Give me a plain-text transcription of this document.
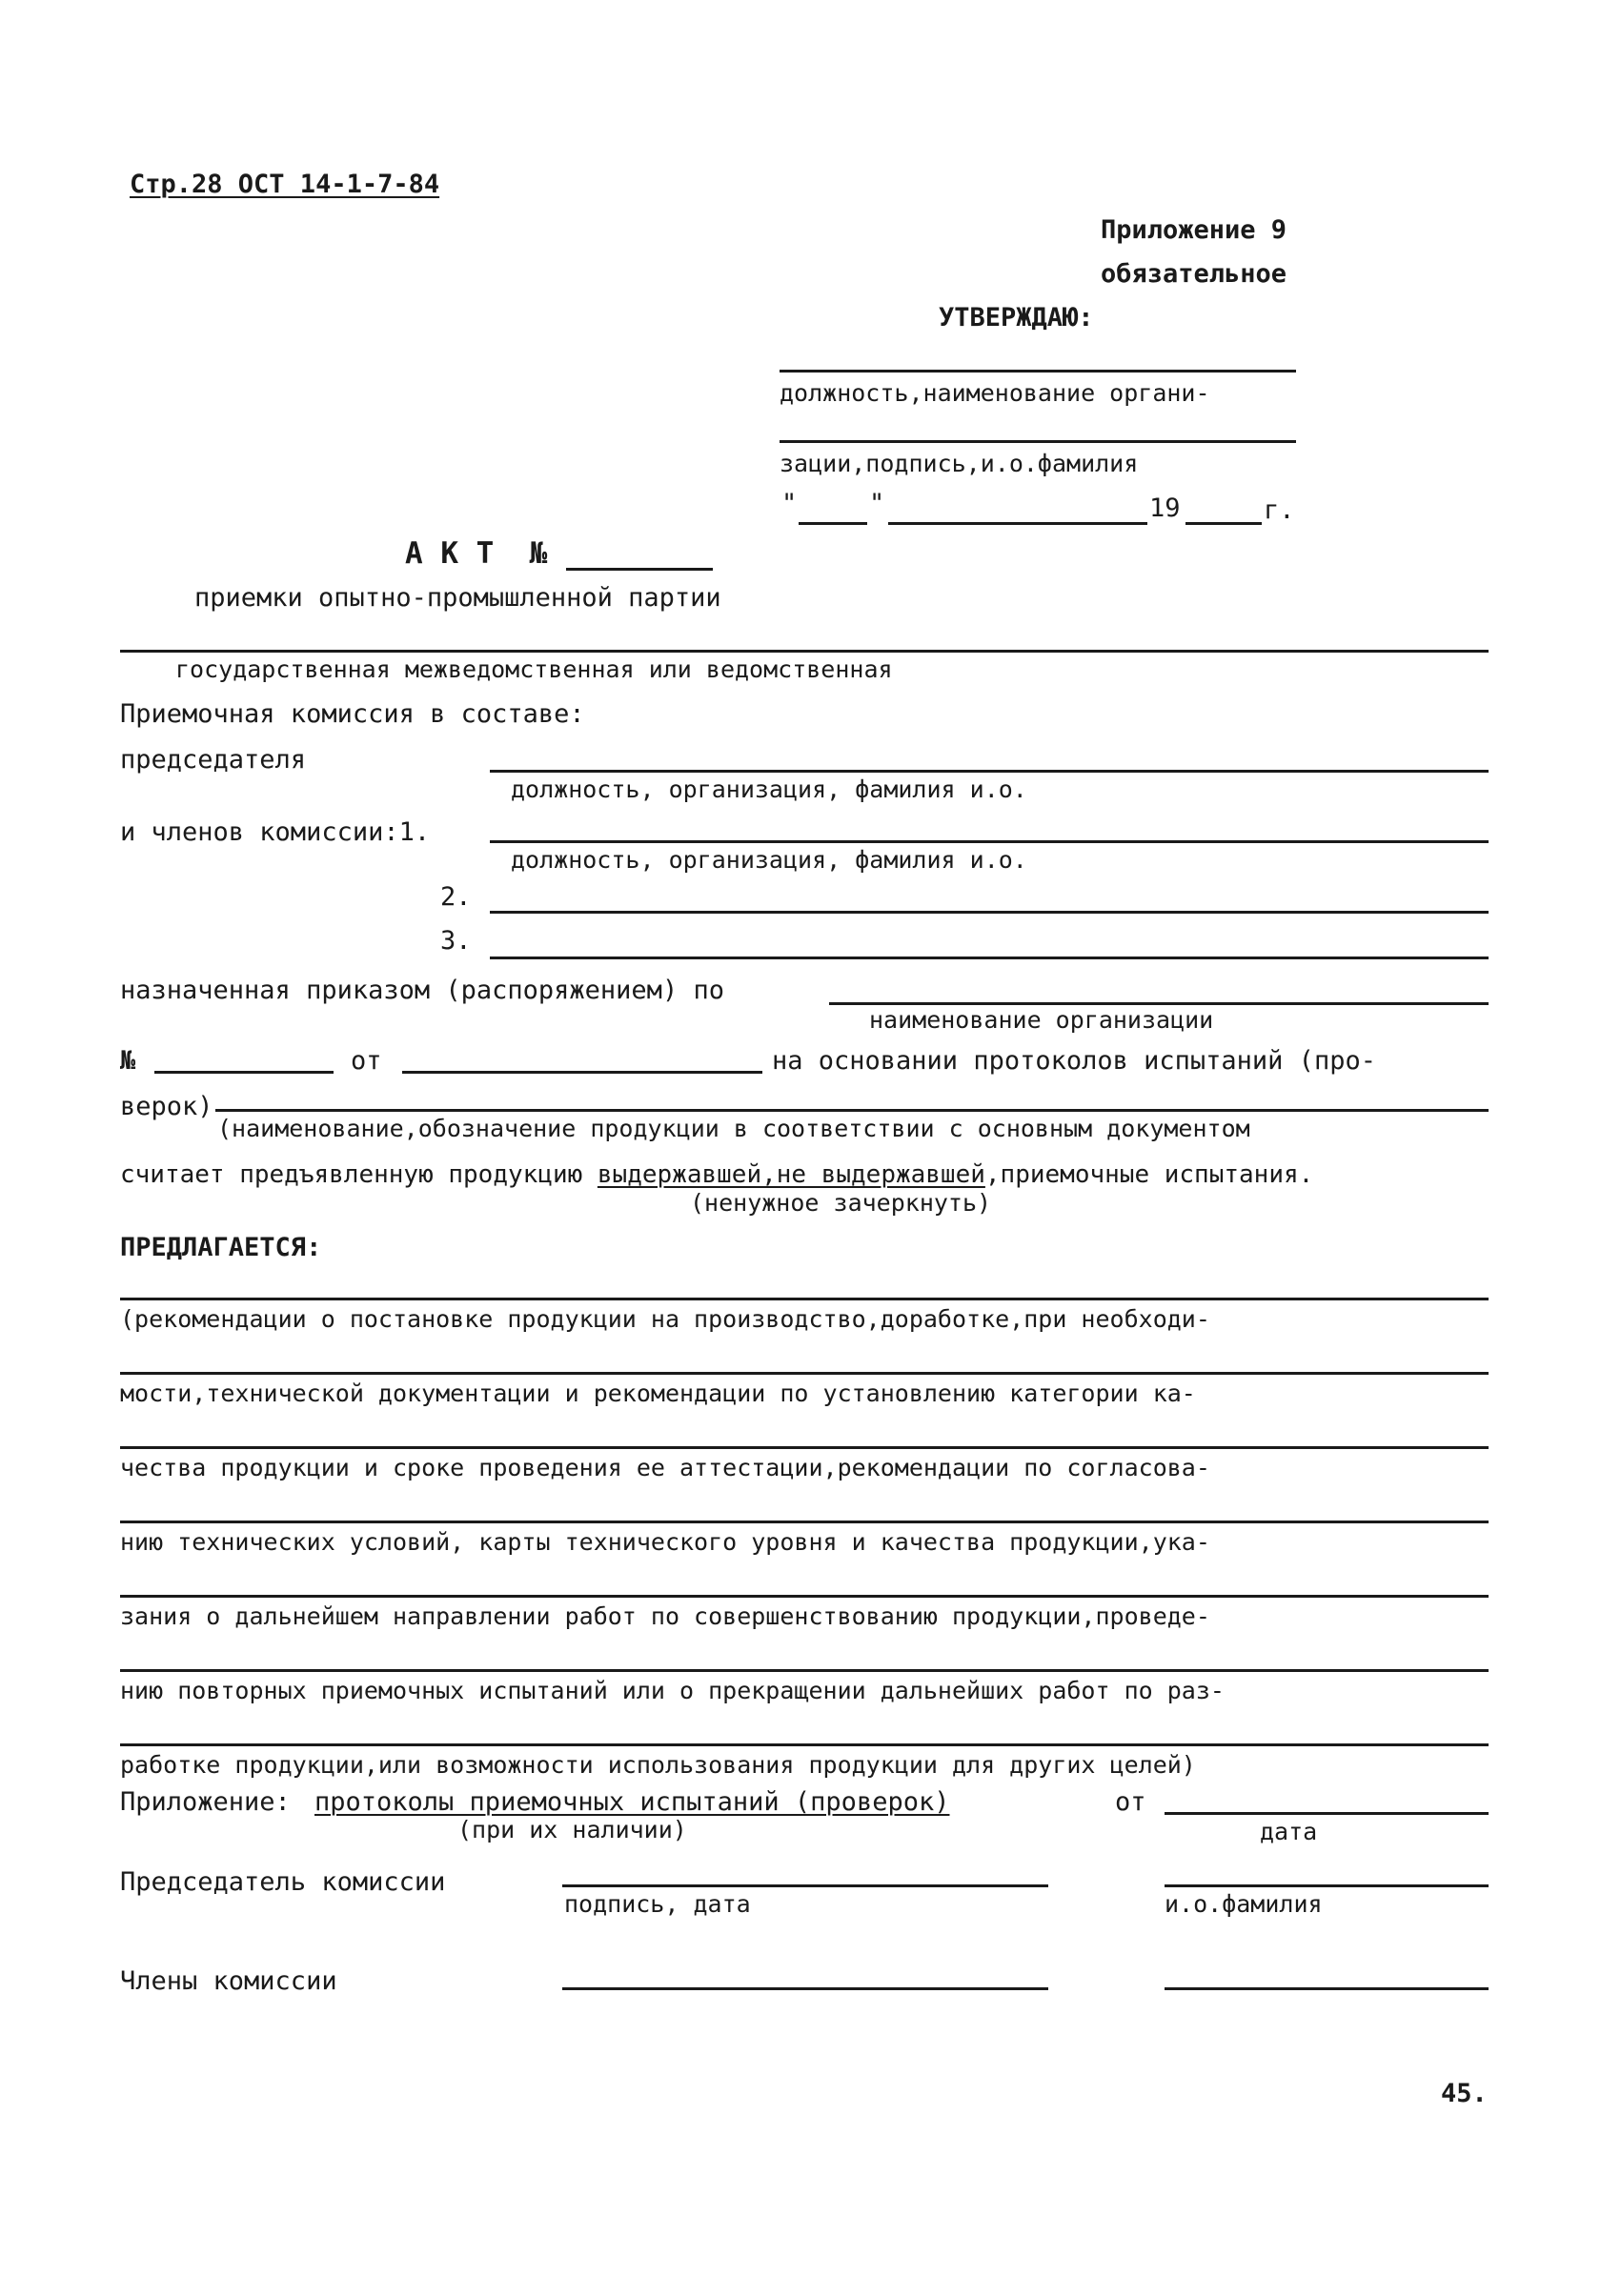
Стр.28 ОСТ 14-1-7-84
Приложение 9
обязательное
УТВЕРЖДАЮ:
должность,наименование органи-
зации,подпись,и.о.фамилия
"	"	19	г.
А К Т  №
приемки опытно-промышленной партии
государственная межведомственная или ведомственная
Приемочная комиссия в составе:
председателя
должность, организация, фамилия и.о.
и членов комиссии:1.
должность, организация, фамилия и.о.
2.
3.
назначенная приказом (распоряжением) по
наименование организации
№	от	на основании протоколов испытаний (про-
верок)
(наименование,обозначение продукции в соответствии с основным документом
считает предъявленную продукцию выдержавшей,не выдержавшей,приемочные испытания.
(ненужное зачеркнуть)
ПРЕДЛАГАЕТСЯ:
(рекомендации о постановке продукции на производство,доработке,при необходи-
мости,технической документации и рекомендации по установлению категории ка-
чества продукции и сроке проведения ее аттестации,рекомендации по согласова-
нию технических условий, карты технического уровня и качества продукции,ука-
зания о дальнейшем направлении работ по совершенствованию продукции,проведе-
нию повторных приемочных испытаний или о прекращении дальнейших работ по раз-
работке продукции,или возможности использования продукции для других целей)
Приложение: протоколы приемочных испытаний (проверок)
(при их наличии)
от
дата
Председатель комиссии
подпись, дата	и.о.фамилия
Члены комиссии
45.
